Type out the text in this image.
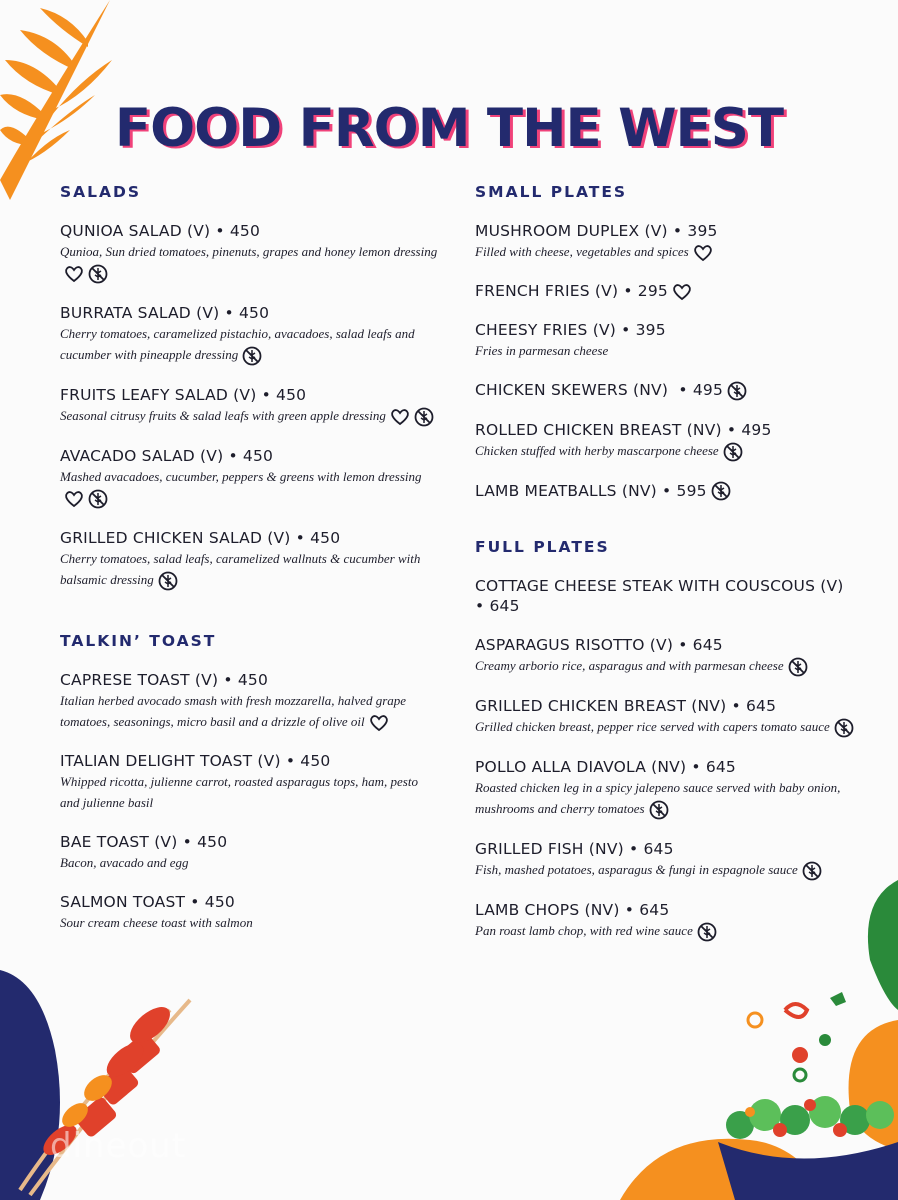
FOOD FROM THE WEST
SALADS
QUNIOA SALAD (V) • 450
Qunioa, Sun dried tomatoes, pinenuts, grapes and honey lemon dressing
BURRATA SALAD (V) • 450
Cherry tomatoes, caramelized pistachio, avacadoes, salad leafs and cucumber with pineapple dressing
FRUITS LEAFY SALAD (V) • 450
Seasonal citrusy fruits & salad leafs with green apple dressing
AVACADO SALAD (V) • 450
Mashed avacadoes, cucumber, peppers & greens with lemon dressing
GRILLED CHICKEN SALAD (V) • 450
Cherry tomatoes, salad leafs, caramelized wallnuts & cucumber with balsamic dressing
TALKIN’ TOAST
CAPRESE TOAST (V) • 450
Italian herbed avocado smash with fresh mozzarella, halved grape tomatoes, seasonings, micro basil and a drizzle of olive oil
ITALIAN DELIGHT TOAST (V) • 450
Whipped ricotta, julienne carrot, roasted asparagus tops, ham, pesto and julienne basil
BAE TOAST (V) • 450
Bacon, avacado and egg
SALMON TOAST • 450
Sour cream cheese toast with salmon
SMALL PLATES
MUSHROOM DUPLEX (V) • 395
Filled with cheese, vegetables and spices
FRENCH FRIES (V) • 295
CHEESY FRIES (V) • 395
Fries in parmesan cheese
CHICKEN SKEWERS (NV)  • 495
ROLLED CHICKEN BREAST (NV) • 495
Chicken stuffed with herby mascarpone cheese
LAMB MEATBALLS (NV) • 595
FULL PLATES
COTTAGE CHEESE STEAK WITH COUSCOUS (V) • 645
ASPARAGUS RISOTTO (V) • 645
Creamy arborio rice, asparagus and with parmesan cheese
GRILLED CHICKEN BREAST (NV) • 645
Grilled chicken breast, pepper rice served with capers tomato sauce
POLLO ALLA DIAVOLA (NV) • 645
Roasted chicken leg in a spicy jalepeno sauce served with baby onion, mushrooms and cherry tomatoes
GRILLED FISH (NV) • 645
Fish, mashed potatoes, asparagus & fungi in espagnole sauce
LAMB CHOPS (NV) • 645
Pan roast lamb chop, with red wine sauce
dineout
